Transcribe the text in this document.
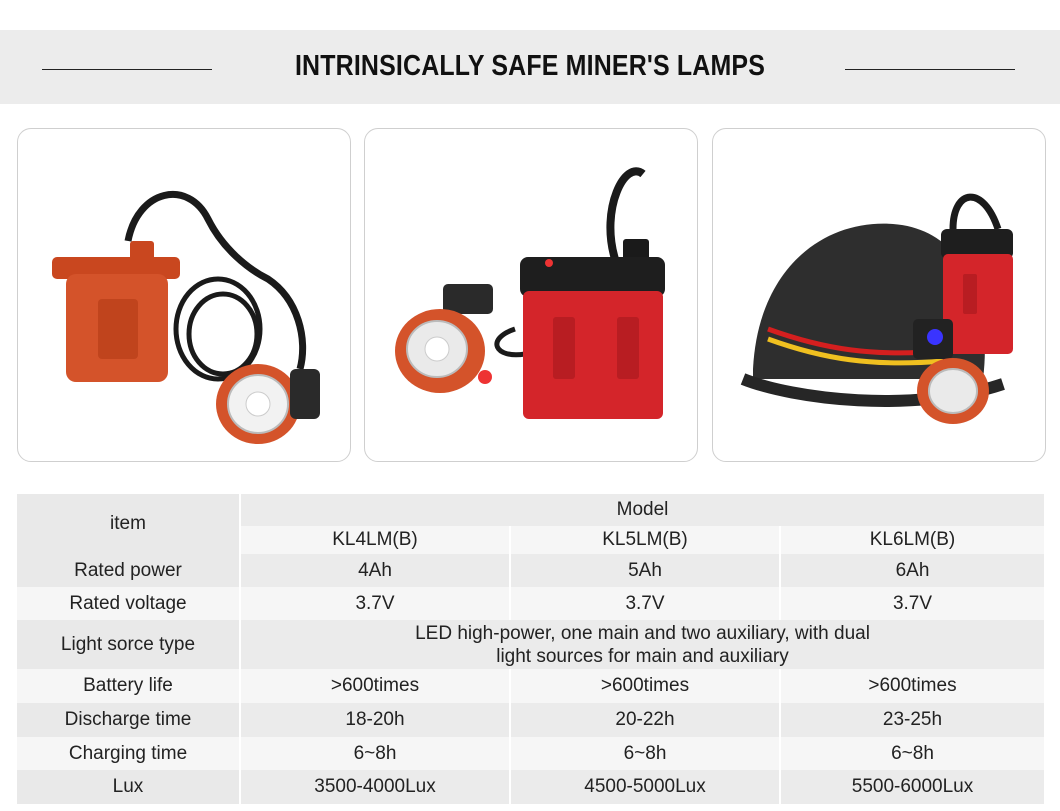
INTRINSICALLY SAFE MINER'S LAMPS
item	Model		
	KL4LM(B)	KL5LM(B)	KL6LM(B)
Rated power	4Ah	5Ah	6Ah
Rated voltage	3.7V	3.7V	3.7V
Light sorce type	LED high-power, one main and two auxiliary, with dual
light sources for main and auxiliary		

Battery life	>600times	>600times	>600times
Discharge time	18-20h	20-22h	23-25h
Charging time	6~8h	6~8h	6~8h
Lux	3500-4000Lux	4500-5000Lux	5500-6000Lux
